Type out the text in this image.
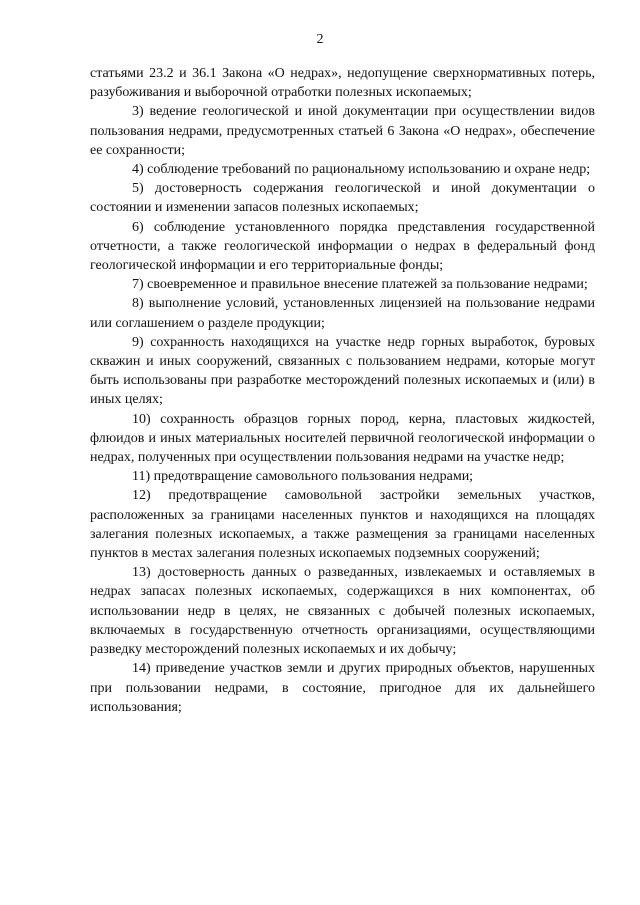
2

статьями 23.2 и 36.1 Закона «О недрах», недопущение сверхнормативных потерь, разубоживания и выборочной отработки полезных ископаемых;

3) ведение геологической и иной документации при осуществлении видов пользования недрами, предусмотренных статьей 6 Закона «О недрах», обеспечение ее сохранности;

4) соблюдение требований по рациональному использованию и охране недр;

5) достоверность содержания геологической и иной документации о состоянии и изменении запасов полезных ископаемых;

6) соблюдение установленного порядка представления государственной отчетности, а также геологической информации о недрах в федеральный фонд геологической информации и его территориальные фонды;

7) своевременное и правильное внесение платежей за пользование недрами;

8) выполнение условий, установленных лицензией на пользование недрами или соглашением о разделе продукции;

9) сохранность находящихся на участке недр горных выработок, буровых скважин и иных сооружений, связанных с пользованием недрами, которые могут быть использованы при разработке месторождений полезных ископаемых и (или) в иных целях;

10) сохранность образцов горных пород, керна, пластовых жидкостей, флюидов и иных материальных носителей первичной геологической информации о недрах, полученных при осуществлении пользования недрами на участке недр;

11) предотвращение самовольного пользования недрами;

12) предотвращение самовольной застройки земельных участков, расположенных за границами населенных пунктов и находящихся на площадях залегания полезных ископаемых, а также размещения за границами населенных пунктов в местах залегания полезных ископаемых подземных сооружений;

13) достоверность данных о разведанных, извлекаемых и оставляемых в недрах запасах полезных ископаемых, содержащихся в них компонентах, об использовании недр в целях, не связанных с добычей полезных ископаемых, включаемых в государственную отчетность организациями, осуществляющими разведку месторождений полезных ископаемых и их добычу;

14) приведение участков земли и других природных объектов, нарушенных при пользовании недрами, в состояние, пригодное для их дальнейшего использования;
